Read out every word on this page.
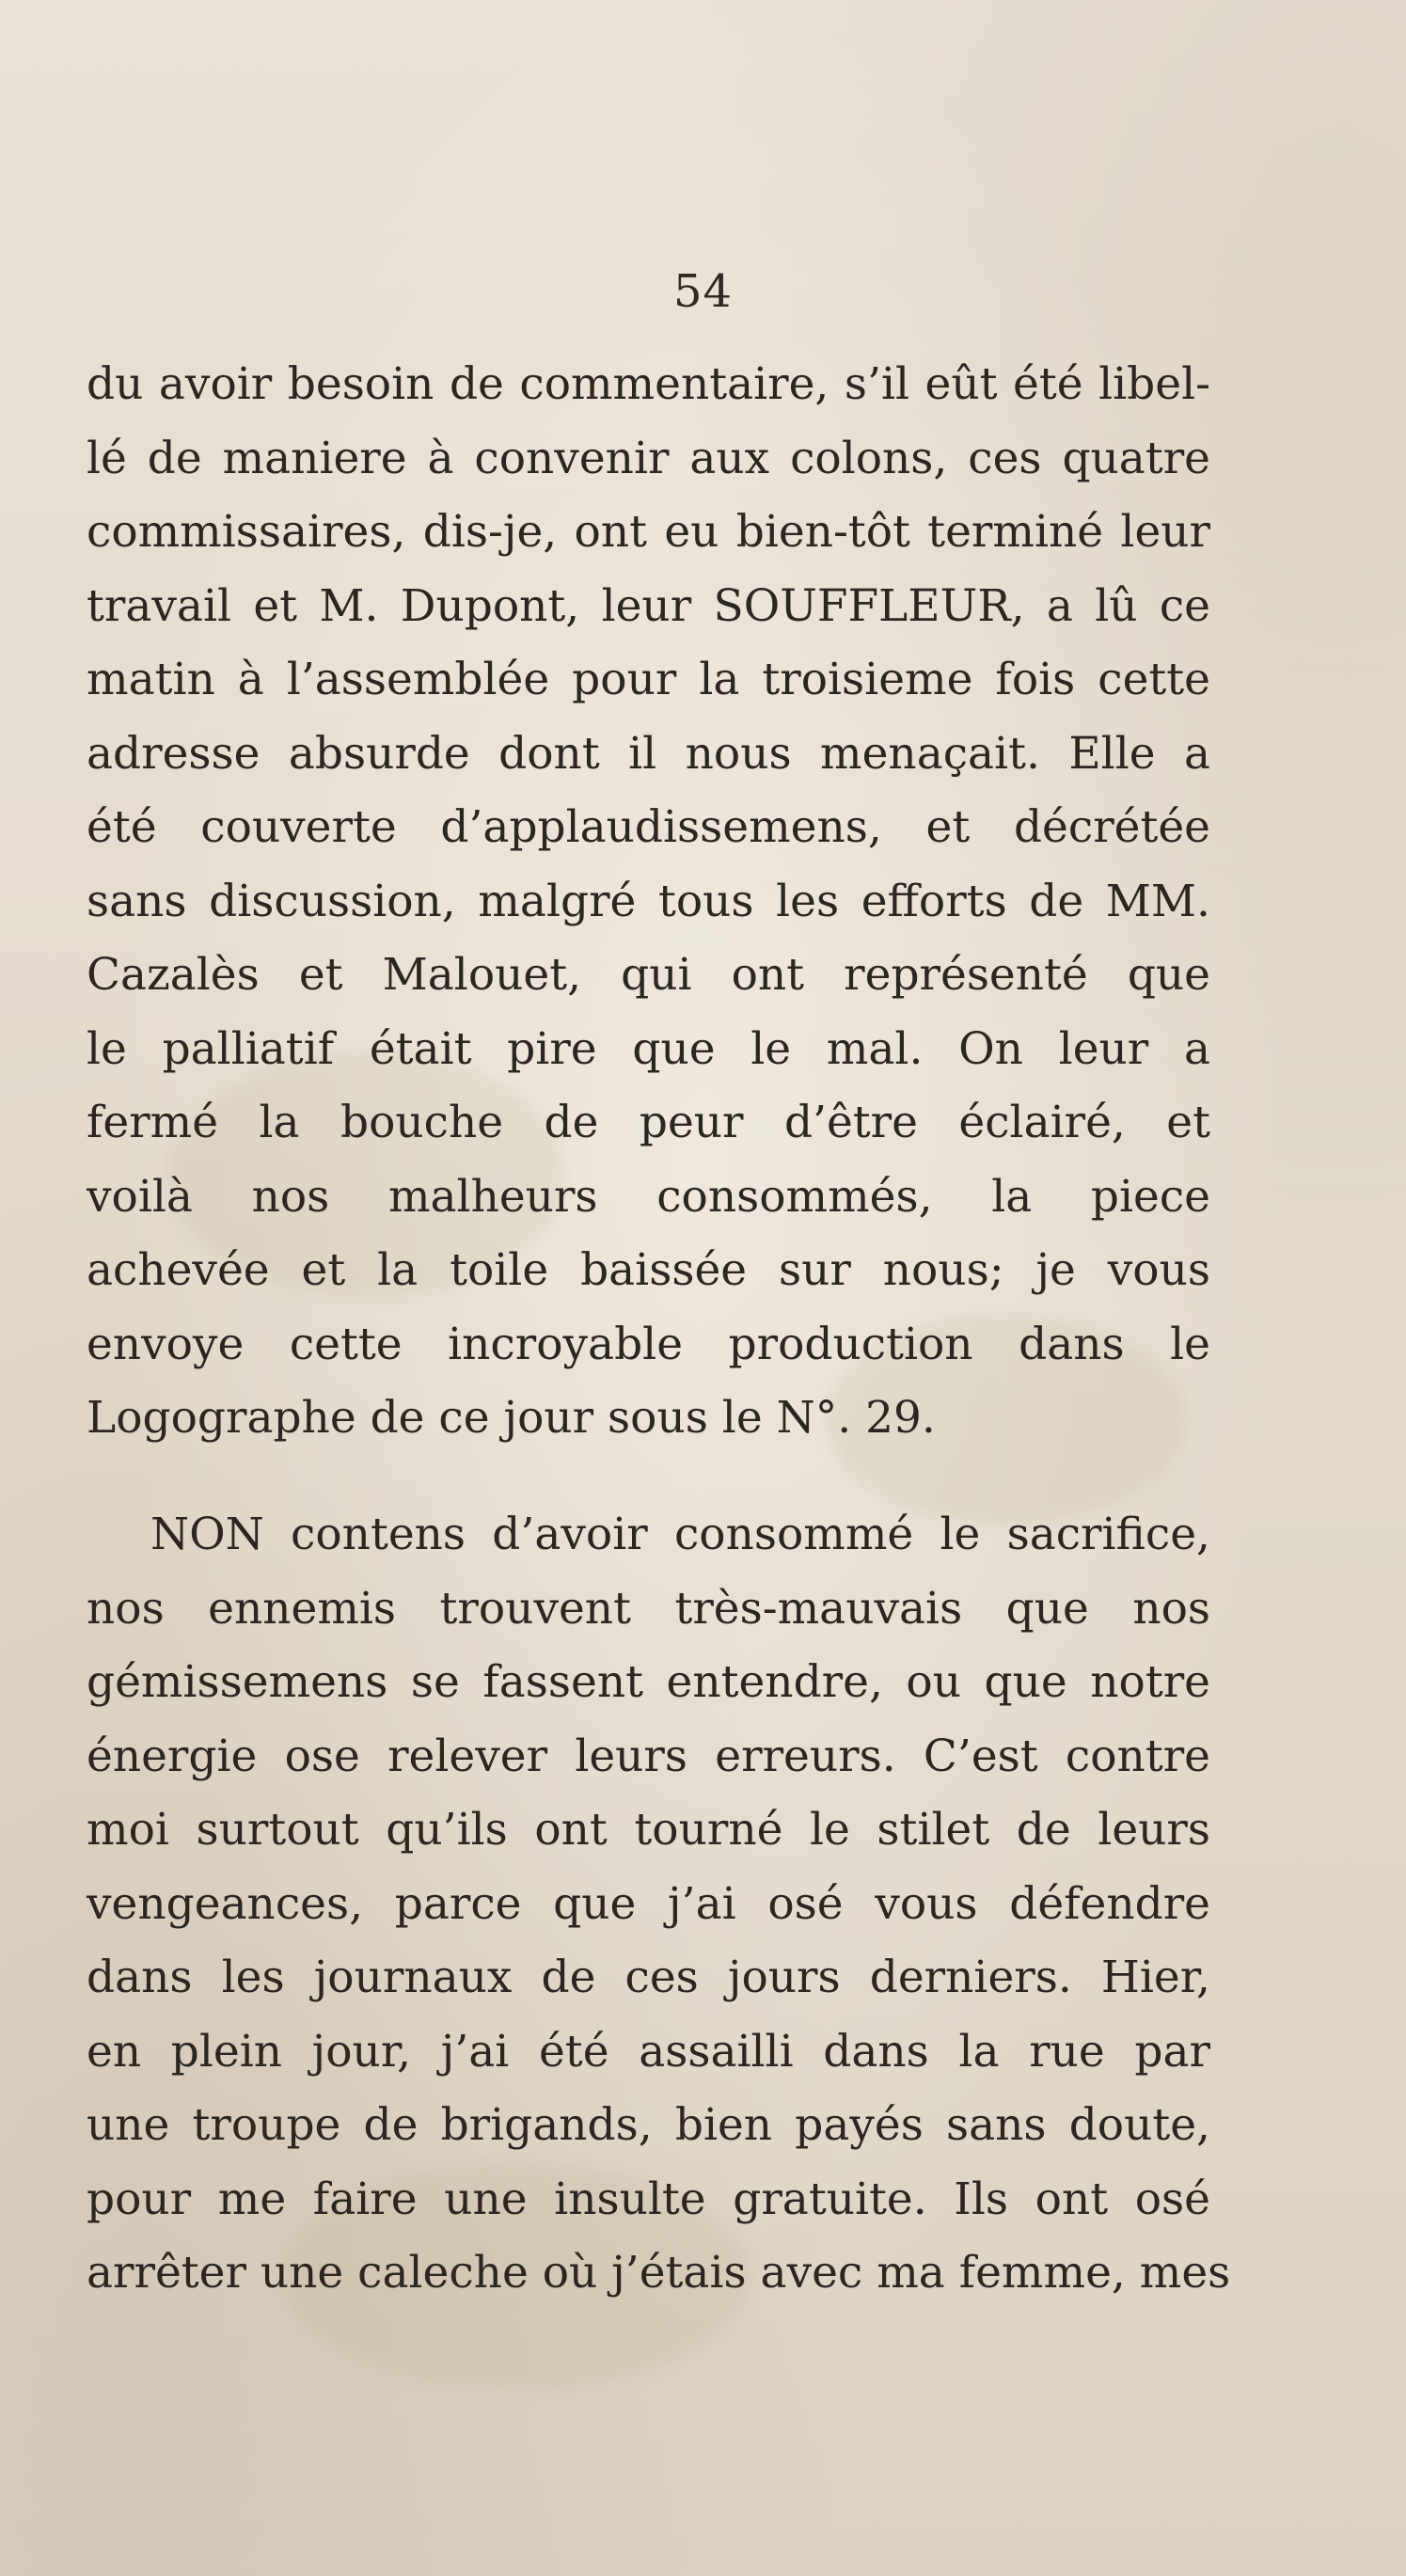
54
du avoir besoin de commentaire, s’il eût été libel-
lé de maniere à convenir aux colons, ces quatre
commissaires, dis-je, ont eu bien-tôt terminé leur
travail et M. Dupont, leur SOUFFLEUR, a lû ce
matin à l’assemblée pour la troisieme fois cette
adresse absurde dont il nous menaçait. Elle a
été couverte d’applaudissemens, et décrétée
sans discussion, malgré tous les efforts de MM.
Cazalès et Malouet, qui ont représenté que
le palliatif était pire que le mal. On leur a
fermé la bouche de peur d’être éclairé, et
voilà nos malheurs consommés, la piece
achevée et la toile baissée sur nous; je vous
envoye cette incroyable production dans le
Logographe de ce jour sous le N°. 29.
NON contens d’avoir consommé le sacrifice,
nos ennemis trouvent très-mauvais que nos
gémissemens se fassent entendre, ou que notre
énergie ose relever leurs erreurs. C’est contre
moi surtout qu’ils ont tourné le stilet de leurs
vengeances, parce que j’ai osé vous défendre
dans les journaux de ces jours derniers. Hier,
en plein jour, j’ai été assailli dans la rue par
une troupe de brigands, bien payés sans doute,
pour me faire une insulte gratuite. Ils ont osé
arrêter une caleche où j’étais avec ma femme, mes
